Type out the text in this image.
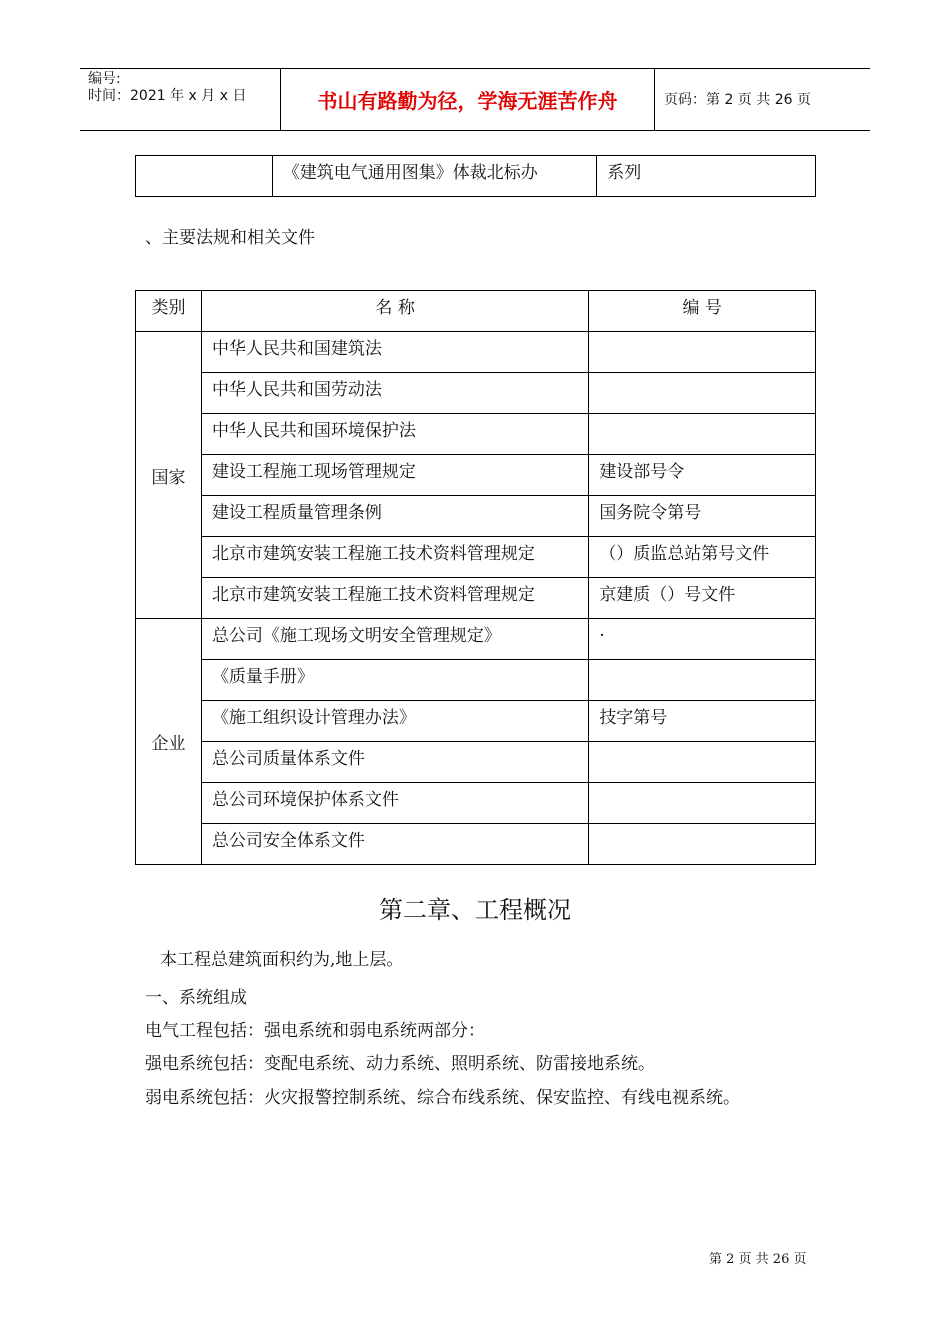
编号:
时间：2021 年 x 月 x 日	书山有路勤为径，学海无涯苦作舟	页码：第 2 页 共 26 页
	《建筑电气通用图集》体裁北标办	系列
、主要法规和相关文件
类别	名 称	编 号
国家	中华人民共和国建筑法	
	中华人民共和国劳动法	
	中华人民共和国环境保护法	
	建设工程施工现场管理规定	建设部号令
	建设工程质量管理条例	国务院令第号
	北京市建筑安装工程施工技术资料管理规定	（）质监总站第号文件
	北京市建筑安装工程施工技术资料管理规定	京建质（）号文件
企业	总公司《施工现场文明安全管理规定》	.
	《质量手册》	
	《施工组织设计管理办法》	技字第号
	总公司质量体系文件	
	总公司环境保护体系文件	
	总公司安全体系文件	
第二章、工程概况
本工程总建筑面积约为,地上层。
一、系统组成
电气工程包括：强电系统和弱电系统两部分：
强电系统包括：变配电系统、动力系统、照明系统、防雷接地系统。
弱电系统包括：火灾报警控制系统、综合布线系统、保安监控、有线电视系统。
第 2 页 共 26 页
